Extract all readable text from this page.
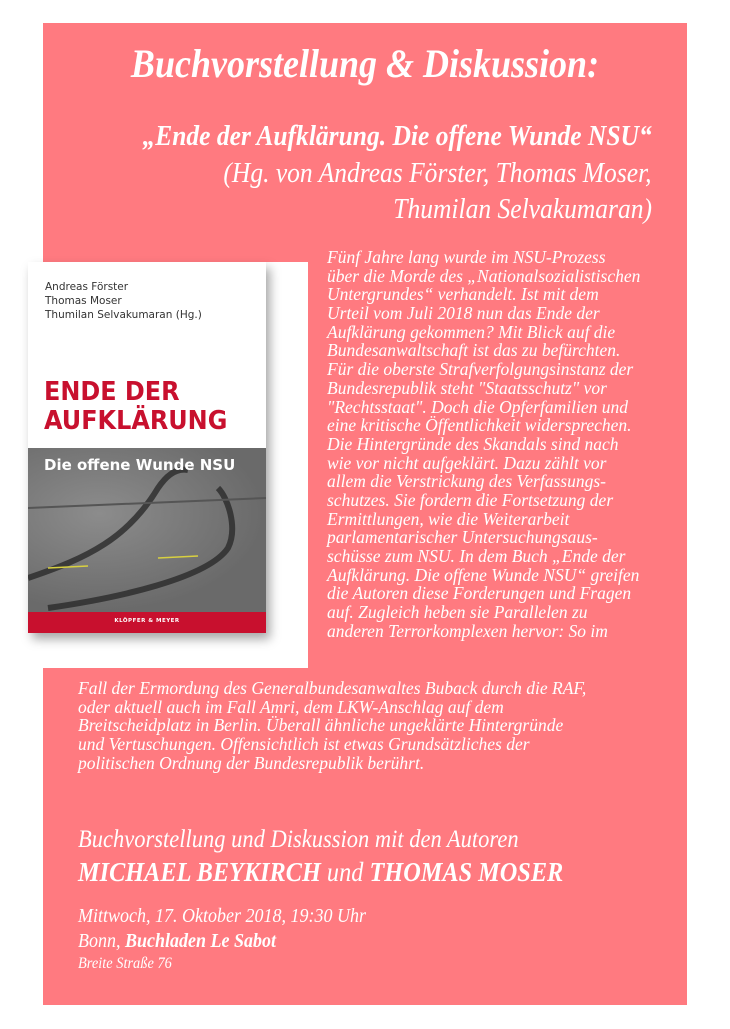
Buchvorstellung & Diskussion:
„Ende der Aufklärung. Die offene Wunde NSU“
(Hg. von Andreas Förster, Thomas Moser,
Thumilan Selvakumaran)
Andreas Förster
Thomas Moser
Thumilan Selvakumaran (Hg.)
ENDE DER
AUFKLÄRUNG
Die offene Wunde NSU
KLÖPFER & MEYER
Fünf Jahre lang wurde im NSU-Prozess
über die Morde des „Nationalsozialistischen
Untergrundes“ verhandelt. Ist mit dem
Urteil vom Juli 2018 nun das Ende der
Aufklärung gekommen? Mit Blick auf die
Bundesanwaltschaft ist das zu befürchten.
Für die oberste Strafverfolgungsinstanz der
Bundesrepublik steht "Staatsschutz" vor
"Rechtsstaat". Doch die Opferfamilien und
eine kritische Öffentlichkeit widersprechen.
Die Hintergründe des Skandals sind nach
wie vor nicht aufgeklärt. Dazu zählt vor
allem die Verstrickung des Verfassungs-
schutzes. Sie fordern die Fortsetzung der
Ermittlungen, wie die Weiterarbeit
parlamentarischer Untersuchungsaus-
schüsse zum NSU. In dem Buch „Ende der
Aufklärung. Die offene Wunde NSU“ greifen
die Autoren diese Forderungen und Fragen
auf. Zugleich heben sie Parallelen zu
anderen Terrorkomplexen hervor: So im
Fall der Ermordung des Generalbundesanwaltes Buback durch die RAF,
oder aktuell auch im Fall Amri, dem LKW-Anschlag auf dem
Breitscheidplatz in Berlin. Überall ähnliche ungeklärte Hintergründe
und Vertuschungen. Offensichtlich ist etwas Grundsätzliches der
politischen Ordnung der Bundesrepublik berührt.
Buchvorstellung und Diskussion mit den Autoren
MICHAEL BEYKIRCH und THOMAS MOSER
Mittwoch, 17. Oktober 2018, 19:30 Uhr
Bonn, Buchladen Le Sabot
Breite Straße 76
